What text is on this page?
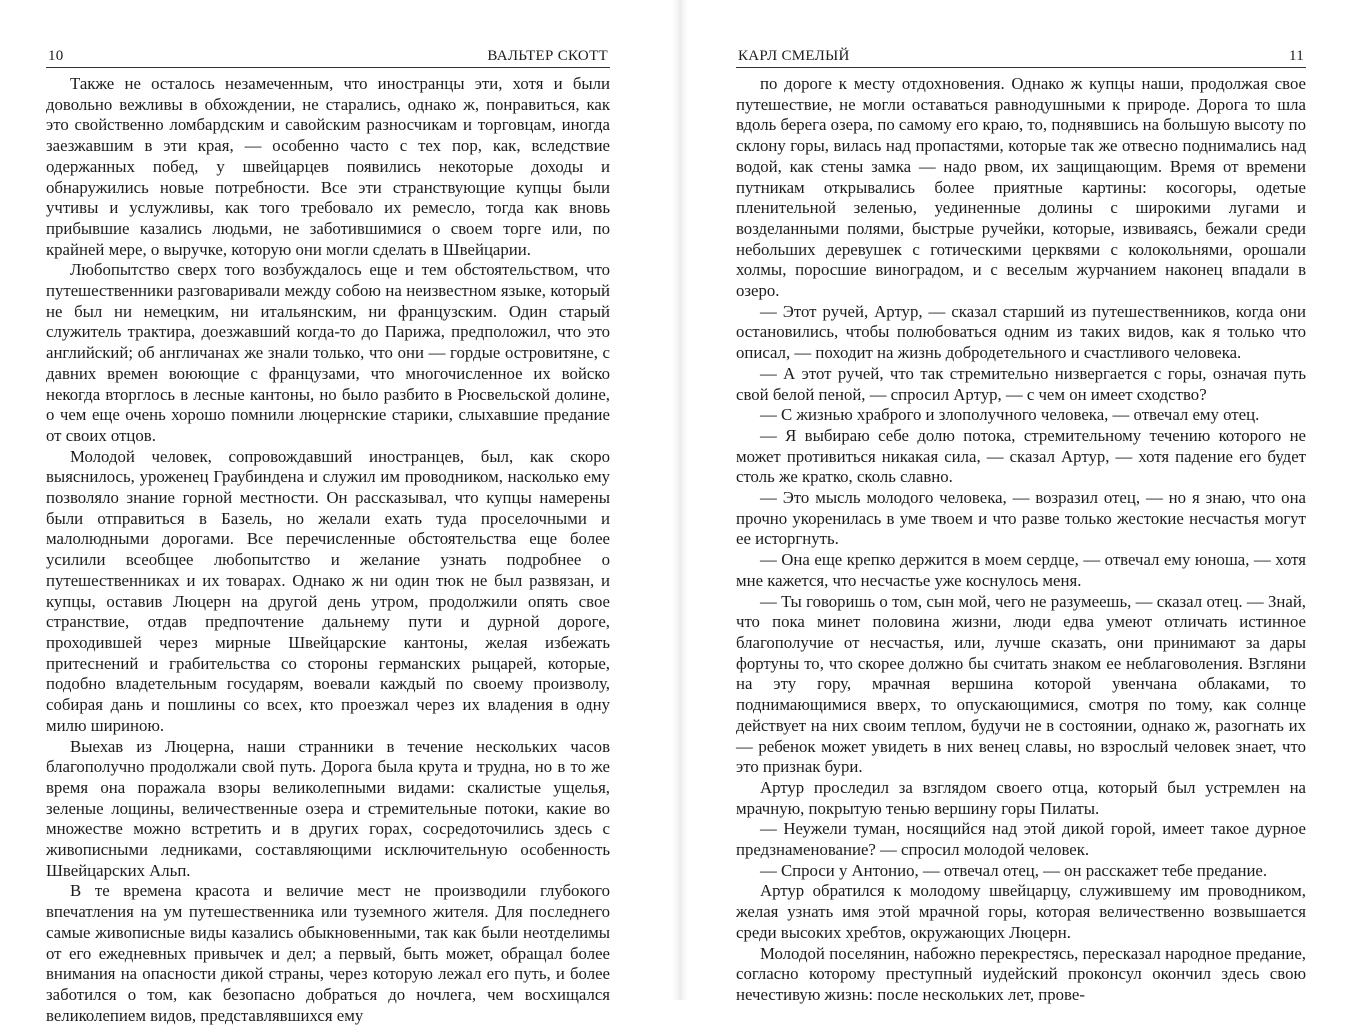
10	ВАЛЬТЕР СКОТТ

Также не осталось незамеченным, что иностранцы эти, хотя и были довольно вежливы в обхождении, не старались, однако ж, понравиться, как это свойственно ломбардским и савойским разносчикам и торговцам, иногда заезжавшим в эти края, — особенно часто с тех пор, как, вследствие одержанных побед, у швейцарцев появились некоторые доходы и обнаружились новые потребности. Все эти странствующие купцы были учтивы и услужливы, как того требовало их ремесло, тогда как вновь прибывшие казались людьми, не заботившимися о своем торге или, по крайней мере, о выручке, которую они могли сделать в Швейцарии.

Любопытство сверх того возбуждалось еще и тем обстоятельством, что путешественники разговаривали между собою на неизвестном языке, который не был ни немецким, ни итальянским, ни французским. Один старый служитель трактира, доезжавший когда-то до Парижа, предположил, что это английский; об англичанах же знали только, что они — гордые островитяне, с давних времен воюющие с французами, что многочисленное их войско некогда вторглось в лесные кантоны, но было разбито в Рюсвельской долине, о чем еще очень хорошо помнили люцернские старики, слыхавшие предание от своих отцов.

Молодой человек, сопровождавший иностранцев, был, как скоро выяснилось, уроженец Граубиндена и служил им проводником, насколько ему позволяло знание горной местности. Он рассказывал, что купцы намерены были отправиться в Базель, но желали ехать туда проселочными и малолюдными дорогами. Все перечисленные обстоятельства еще более усилили всеобщее любопытство и желание узнать подробнее о путешественниках и их товарах. Однако ж ни один тюк не был развязан, и купцы, оставив Люцерн на другой день утром, продолжили опять свое странствие, отдав предпочтение дальнему пути и дурной дороге, проходившей через мирные Швейцарские кантоны, желая избежать притеснений и грабительства со стороны германских рыцарей, которые, подобно владетельным государям, воевали каждый по своему произволу, собирая дань и пошлины со всех, кто проезжал через их владения в одну милю шириною.

Выехав из Люцерна, наши странники в течение нескольких часов благополучно продолжали свой путь. Дорога была крута и трудна, но в то же время она поражала взоры великолепными видами: скалистые ущелья, зеленые лощины, величественные озера и стремительные потоки, какие во множестве можно встретить и в других горах, сосредоточились здесь с живописными ледниками, составляющими исключительную особенность Швейцарских Альп.

В те времена красота и величие мест не производили глубокого впечатления на ум путешественника или туземного жителя. Для последнего самые живописные виды казались обыкновенными, так как были неотделимы от его ежедневных привычек и дел; а первый, быть может, обращал более внимания на опасности дикой страны, через которую лежал его путь, и более заботился о том, как безопасно добраться до ночлега, чем восхищался великолепием видов, представлявшихся ему

КАРЛ СМЕЛЫЙ	11

по дороге к месту отдохновения. Однако ж купцы наши, продолжая свое путешествие, не могли оставаться равнодушными к природе. Дорога то шла вдоль берега озера, по самому его краю, то, поднявшись на большую высоту по склону горы, вилась над пропастями, которые так же отвесно поднимались над водой, как стены замка — надо рвом, их защищающим. Время от времени путникам открывались более приятные картины: косогоры, одетые пленительной зеленью, уединенные долины с широкими лугами и возделанными полями, быстрые ручейки, которые, извиваясь, бежали среди небольших деревушек с готическими церквями с колокольнями, орошали холмы, поросшие виноградом, и с веселым журчанием наконец впадали в озеро.

— Этот ручей, Артур, — сказал старший из путешественников, когда они остановились, чтобы полюбоваться одним из таких видов, как я только что описал, — походит на жизнь добродетельного и счастливого человека.

— А этот ручей, что так стремительно низвергается с горы, означая путь свой белой пеной, — спросил Артур, — с чем он имеет сходство?

— С жизнью храброго и злополучного человека, — отвечал ему отец.

— Я выбираю себе долю потока, стремительному течению которого не может противиться никакая сила, — сказал Артур, — хотя падение его будет столь же кратко, сколь славно.

— Это мысль молодого человека, — возразил отец, — но я знаю, что она прочно укоренилась в уме твоем и что разве только жестокие несчастья могут ее исторгнуть.

— Она еще крепко держится в моем сердце, — отвечал ему юноша, — хотя мне кажется, что несчастье уже коснулось меня.

— Ты говоришь о том, сын мой, чего не разумеешь, — сказал отец. — Знай, что пока минет половина жизни, люди едва умеют отличать истинное благополучие от несчастья, или, лучше сказать, они принимают за дары фортуны то, что скорее должно бы считать знаком ее неблаговоления. Взгляни на эту гору, мрачная вершина которой увенчана облаками, то поднимающимися вверх, то опускающимися, смотря по тому, как солнце действует на них своим теплом, будучи не в состоянии, однако ж, разогнать их — ребенок может увидеть в них венец славы, но взрослый человек знает, что это признак бури.

Артур проследил за взглядом своего отца, который был устремлен на мрачную, покрытую тенью вершину горы Пилаты.

— Неужели туман, носящийся над этой дикой горой, имеет такое дурное предзнаменование? — спросил молодой человек.

— Спроси у Антонио, — отвечал отец, — он расскажет тебе предание.

Артур обратился к молодому швейцарцу, служившему им проводником, желая узнать имя этой мрачной горы, которая величественно возвышается среди высоких хребтов, окружающих Люцерн.

Молодой поселянин, набожно перекрестясь, пересказал народное предание, согласно которому преступный иудейский проконсул окончил здесь свою нечестивую жизнь: после нескольких лет, прове-
